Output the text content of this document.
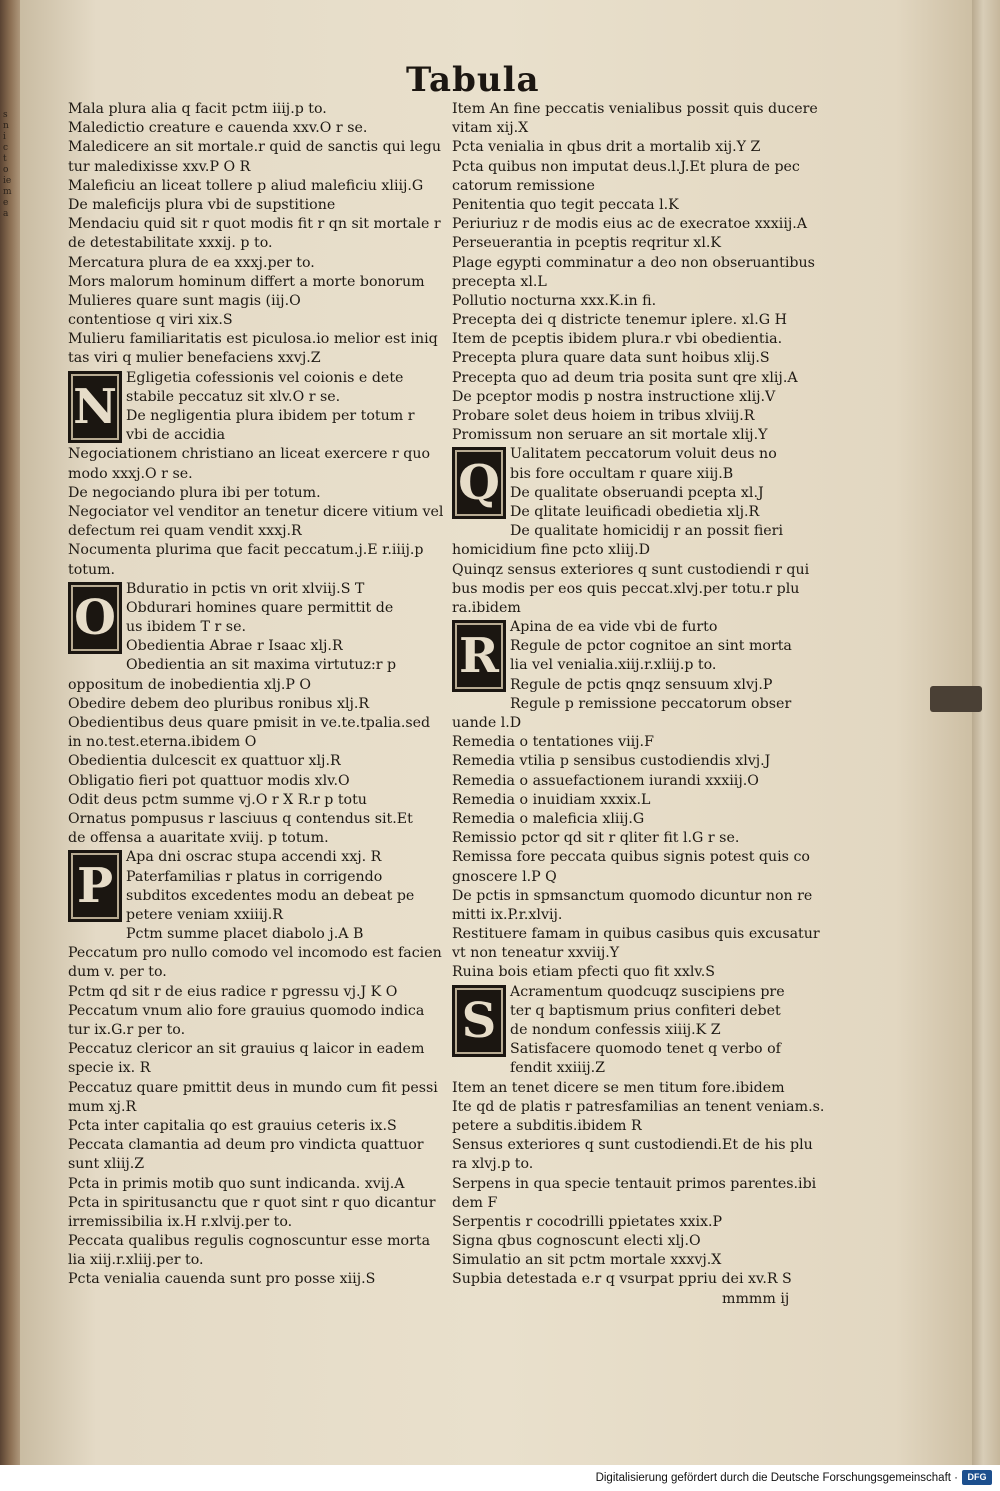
s
n
i
c
t
o
ie
m
e
a
Tabula
Mala plura alia q facit pctm iiij.p to.
Maledictio creature e cauenda xxv.O r se.
Maledicere an sit mortale.r quid de sanctis qui legu
tur maledixisse xxv.P O R
Maleficiu an liceat tollere p aliud maleficiu xliij.G
De maleficijs plura vbi de supstitione
Mendaciu quid sit r quot modis fit r qn sit mortale r
de detestabilitate xxxij. p to.
Mercatura plura de ea xxxj.per to.
Mors malorum hominum differt a morte bonorum
Mulieres quare sunt magis (iij.O
contentiose q viri xix.S
Mulieru familiaritatis est piculosa.io melior est iniq
tas viri q mulier benefaciens xxvj.Z
N
Egligetia cofessionis vel coionis e dete
stabile peccatuz sit xlv.O r se.
De negligentia plura ibidem per totum r
vbi de accidia
Negociationem christiano an liceat exercere r quo
modo xxxj.O r se.
De negociando plura ibi per totum.
Negociator vel venditor an tenetur dicere vitium vel
defectum rei quam vendit xxxj.R
Nocumenta plurima que facit peccatum.j.E r.iiij.p
totum.
O
Bduratio in pctis vn orit xlviij.S T
Obdurari homines quare permittit de
us ibidem T r se.
Obedientia Abrae r Isaac xlj.R
Obedientia an sit maxima virtutuz:r p
oppositum de inobedientia xlj.P O
Obedire debem deo pluribus ronibus xlj.R
Obedientibus deus quare pmisit in ve.te.tpalia.sed
in no.test.eterna.ibidem O
Obedientia dulcescit ex quattuor xlj.R
Obligatio fieri pot quattuor modis xlv.O
Odit deus pctm summe vj.O r X R.r p totu
Ornatus pompusus r lasciuus q contendus sit.Et
de offensa a auaritate xviij. p totum.
P
Apa dni oscrac stupa accendi xxj. R
Paterfamilias r platus in corrigendo
subditos excedentes modu an debeat pe
petere veniam xxiiij.R
Pctm summe placet diabolo j.A B
Peccatum pro nullo comodo vel incomodo est facien
dum v. per to.
Pctm qd sit r de eius radice r pgressu vj.J K O
Peccatum vnum alio fore grauius quomodo indica
tur ix.G.r per to.
Peccatuz clericor an sit grauius q laicor in eadem
specie ix. R
Peccatuz quare pmittit deus in mundo cum fit pessi
mum xj.R
Pcta inter capitalia qo est grauius ceteris ix.S
Peccata clamantia ad deum pro vindicta quattuor
sunt xliij.Z
Pcta in primis motib quo sunt indicanda. xvij.A
Pcta in spiritusanctu que r quot sint r quo dicantur
irremissibilia ix.H r.xlvij.per to.
Peccata qualibus regulis cognoscuntur esse morta
lia xiij.r.xliij.per to.
Pcta venialia cauenda sunt pro posse xiij.S
Item An fine peccatis venialibus possit quis ducere
vitam xij.X
Pcta venialia in qbus drit a mortalib xij.Y Z
Pcta quibus non imputat deus.l.J.Et plura de pec
catorum remissione
Penitentia quo tegit peccata l.K
Periuriuz r de modis eius ac de execratoe xxxiij.A
Perseuerantia in pceptis reqritur xl.K
Plage egypti comminatur a deo non obseruantibus
precepta xl.L
Pollutio nocturna xxx.K.in fi.
Precepta dei q districte tenemur iplere. xl.G H
Item de pceptis ibidem plura.r vbi obedientia.
Precepta plura quare data sunt hoibus xlij.S
Precepta quo ad deum tria posita sunt qre xlij.A
De pceptor modis p nostra instructione xlij.V
Probare solet deus hoiem in tribus xlviij.R
Promissum non seruare an sit mortale xlij.Y
Q
Ualitatem peccatorum voluit deus no
bis fore occultam r quare xiij.B
De qualitate obseruandi pcepta xl.J
De qlitate leuificadi obedietia xlj.R
De qualitate homicidij r an possit fieri
homicidium fine pcto xliij.D
Quinqz sensus exteriores q sunt custodiendi r qui
bus modis per eos quis peccat.xlvj.per totu.r plu
ra.ibidem
R
Apina de ea vide vbi de furto
Regule de pctor cognitoe an sint morta
lia vel venialia.xiij.r.xliij.p to.
Regule de pctis qnqz sensuum xlvj.P
Regule p remissione peccatorum obser
uande l.D
Remedia o tentationes viij.F
Remedia vtilia p sensibus custodiendis xlvj.J
Remedia o assuefactionem iurandi xxxiij.O
Remedia o inuidiam xxxix.L
Remedia o maleficia xliij.G
Remissio pctor qd sit r qliter fit l.G r se.
Remissa fore peccata quibus signis potest quis co
gnoscere l.P Q
De pctis in spmsanctum quomodo dicuntur non re
mitti ix.P.r.xlvij.
Restituere famam in quibus casibus quis excusatur
vt non teneatur xxviij.Y
Ruina bois etiam pfecti quo fit xxlv.S
S
Acramentum quodcuqz suscipiens pre
ter q baptismum prius confiteri debet
de nondum confessis xiiij.K Z
Satisfacere quomodo tenet q verbo of
fendit xxiiij.Z
Item an tenet dicere se men titum fore.ibidem
Ite qd de platis r patresfamilias an tenent veniam.s.
petere a subditis.ibidem R
Sensus exteriores q sunt custodiendi.Et de his plu
ra xlvj.p to.
Serpens in qua specie tentauit primos parentes.ibi
dem F
Serpentis r cocodrilli ppietates xxix.P
Signa qbus cognoscunt electi xlj.O
Simulatio an sit pctm mortale xxxvj.X
Supbia detestada e.r q vsurpat ppriu dei xv.R S
mmmm ij
Digitalisierung gefördert durch die Deutsche Forschungsgemeinschaft ·	DFG
